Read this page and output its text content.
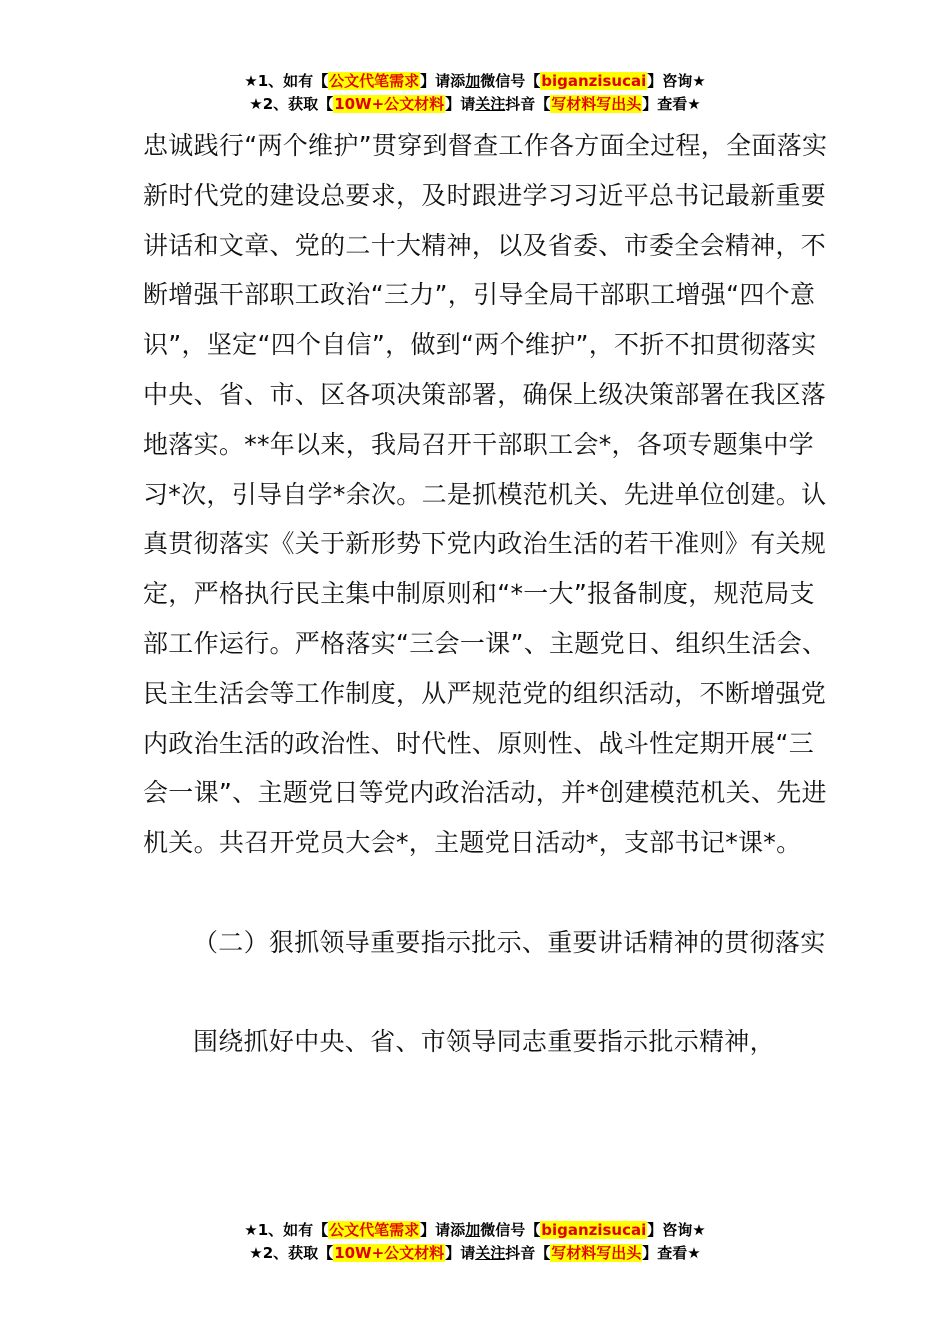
★1、如有【公文代笔需求】请添加微信号【biganzisucai】咨询★
★2、获取【10W+公文材料】请关注抖音【写材料写出头】查看★

忠诚践行“两个维护”贯穿到督查工作各方面全过程，全面落实新时代党的建设总要求，及时跟进学习习近平总书记最新重要讲话和文章、党的二十大精神，以及省委、市委全会精神，不断增强干部职工政治“三力”，引导全局干部职工增强“四个意识”，坚定“四个自信”，做到“两个维护”，不折不扣贯彻落实中央、省、市、区各项决策部署，确保上级决策部署在我区落地落实。**年以来，我局召开干部职工会*，各项专题集中学习*次，引导自学*余次。二是抓模范机关、先进单位创建。认真贯彻落实《关于新形势下党内政治生活的若干准则》有关规定，严格执行民主集中制原则和“*一大”报备制度，规范局支部工作运行。严格落实“三会一课”、主题党日、组织生活会、民主生活会等工作制度，从严规范党的组织活动，不断增强党内政治生活的政治性、时代性、原则性、战斗性定期开展“三会一课”、主题党日等党内政治活动，并*创建模范机关、先进机关。共召开党员大会*，主题党日活动*，支部书记*课*。

（二）狠抓领导重要指示批示、重要讲话精神的贯彻落实

围绕抓好中央、省、市领导同志重要指示批示精神，

★1、如有【公文代笔需求】请添加微信号【biganzisucai】咨询★
★2、获取【10W+公文材料】请关注抖音【写材料写出头】查看★
